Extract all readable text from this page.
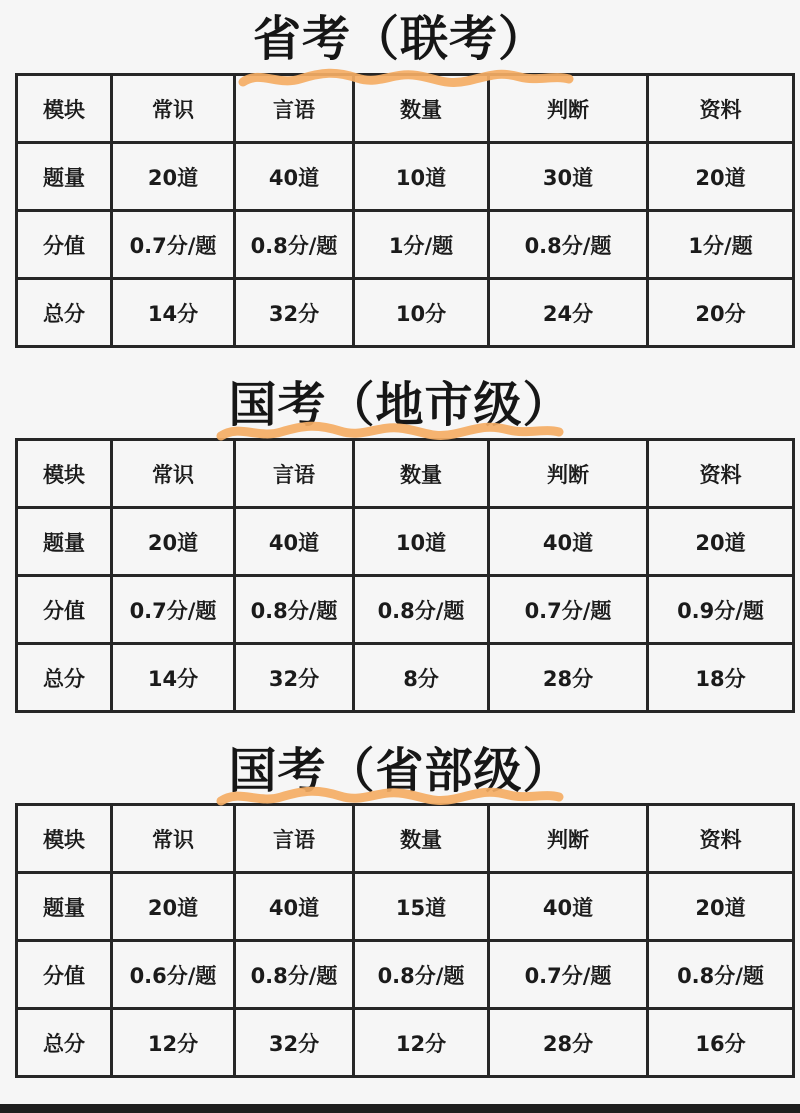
省考（联考）
模块	常识	言语	数量	判断	资料
题量	20道	40道	10道	30道	20道
分值	0.7分/题	0.8分/题	1分/题	0.8分/题	1分/题
总分	14分	32分	10分	24分	20分
国考（地市级）
模块	常识	言语	数量	判断	资料
题量	20道	40道	10道	40道	20道
分值	0.7分/题	0.8分/题	0.8分/题	0.7分/题	0.9分/题
总分	14分	32分	8分	28分	18分
国考（省部级）
模块	常识	言语	数量	判断	资料
题量	20道	40道	15道	40道	20道
分值	0.6分/题	0.8分/题	0.8分/题	0.7分/题	0.8分/题
总分	12分	32分	12分	28分	16分
